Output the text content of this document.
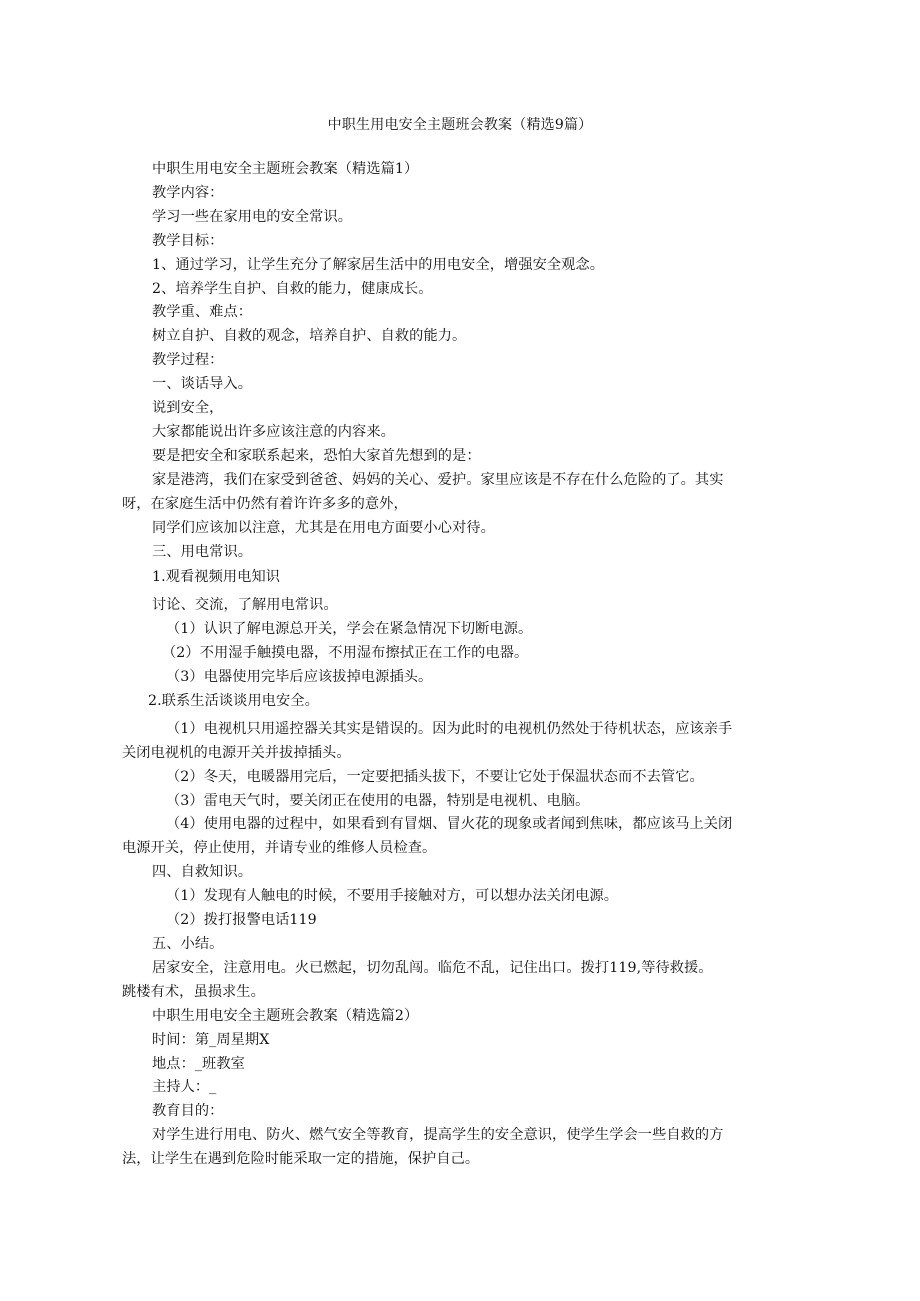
中职生用电安全主题班会教案（精选9篇）

中职生用电安全主题班会教案（精选篇1）

教学内容：

学习一些在家用电的安全常识。

教学目标：

1、通过学习，让学生充分了解家居生活中的用电安全，增强安全观念。

2、培养学生自护、自救的能力，健康成长。

教学重、难点：

树立自护、自救的观念，培养自护、自救的能力。

教学过程：

一、谈话导入。

说到安全，

大家都能说出许多应该注意的内容来。

要是把安全和家联系起来，恐怕大家首先想到的是：

家是港湾，我们在家受到爸爸、妈妈的关心、爱护。家里应该是不存在什么危险的了。其实

呀，在家庭生活中仍然有着许许多多的意外，

同学们应该加以注意，尤其是在用电方面要小心对待。

三、用电常识。

1.观看视频用电知识

讨论、交流，了解用电常识。

（1）认识了解电源总开关，学会在紧急情况下切断电源。

（2）不用湿手触摸电器，不用湿布擦拭正在工作的电器。

（3）电器使用完毕后应该拔掉电源插头。

2.联系生活谈谈用电安全。

（1）电视机只用遥控器关其实是错误的。因为此时的电视机仍然处于待机状态，应该亲手

关闭电视机的电源开关并拔掉插头。

（2）冬天，电暖器用完后，一定要把插头拔下，不要让它处于保温状态而不去管它。

（3）雷电天气时，要关闭正在使用的电器，特别是电视机、电脑。

（4）使用电器的过程中，如果看到有冒烟、冒火花的现象或者闻到焦味，都应该马上关闭

电源开关，停止使用，并请专业的维修人员检查。

四、自救知识。

（1）发现有人触电的时候，不要用手接触对方，可以想办法关闭电源。

（2）拨打报警电话119

五、小结。

居家安全，注意用电。火已燃起，切勿乱闯。临危不乱，记住出口。拨打119,等待救援。

跳楼有术，虽损求生。

中职生用电安全主题班会教案（精选篇2）

时间：第_周星期X

地点：_班教室

主持人：_

教育目的：

对学生进行用电、防火、燃气安全等教育，提高学生的安全意识，使学生学会一些自救的方

法，让学生在遇到危险时能采取一定的措施，保护自己。
